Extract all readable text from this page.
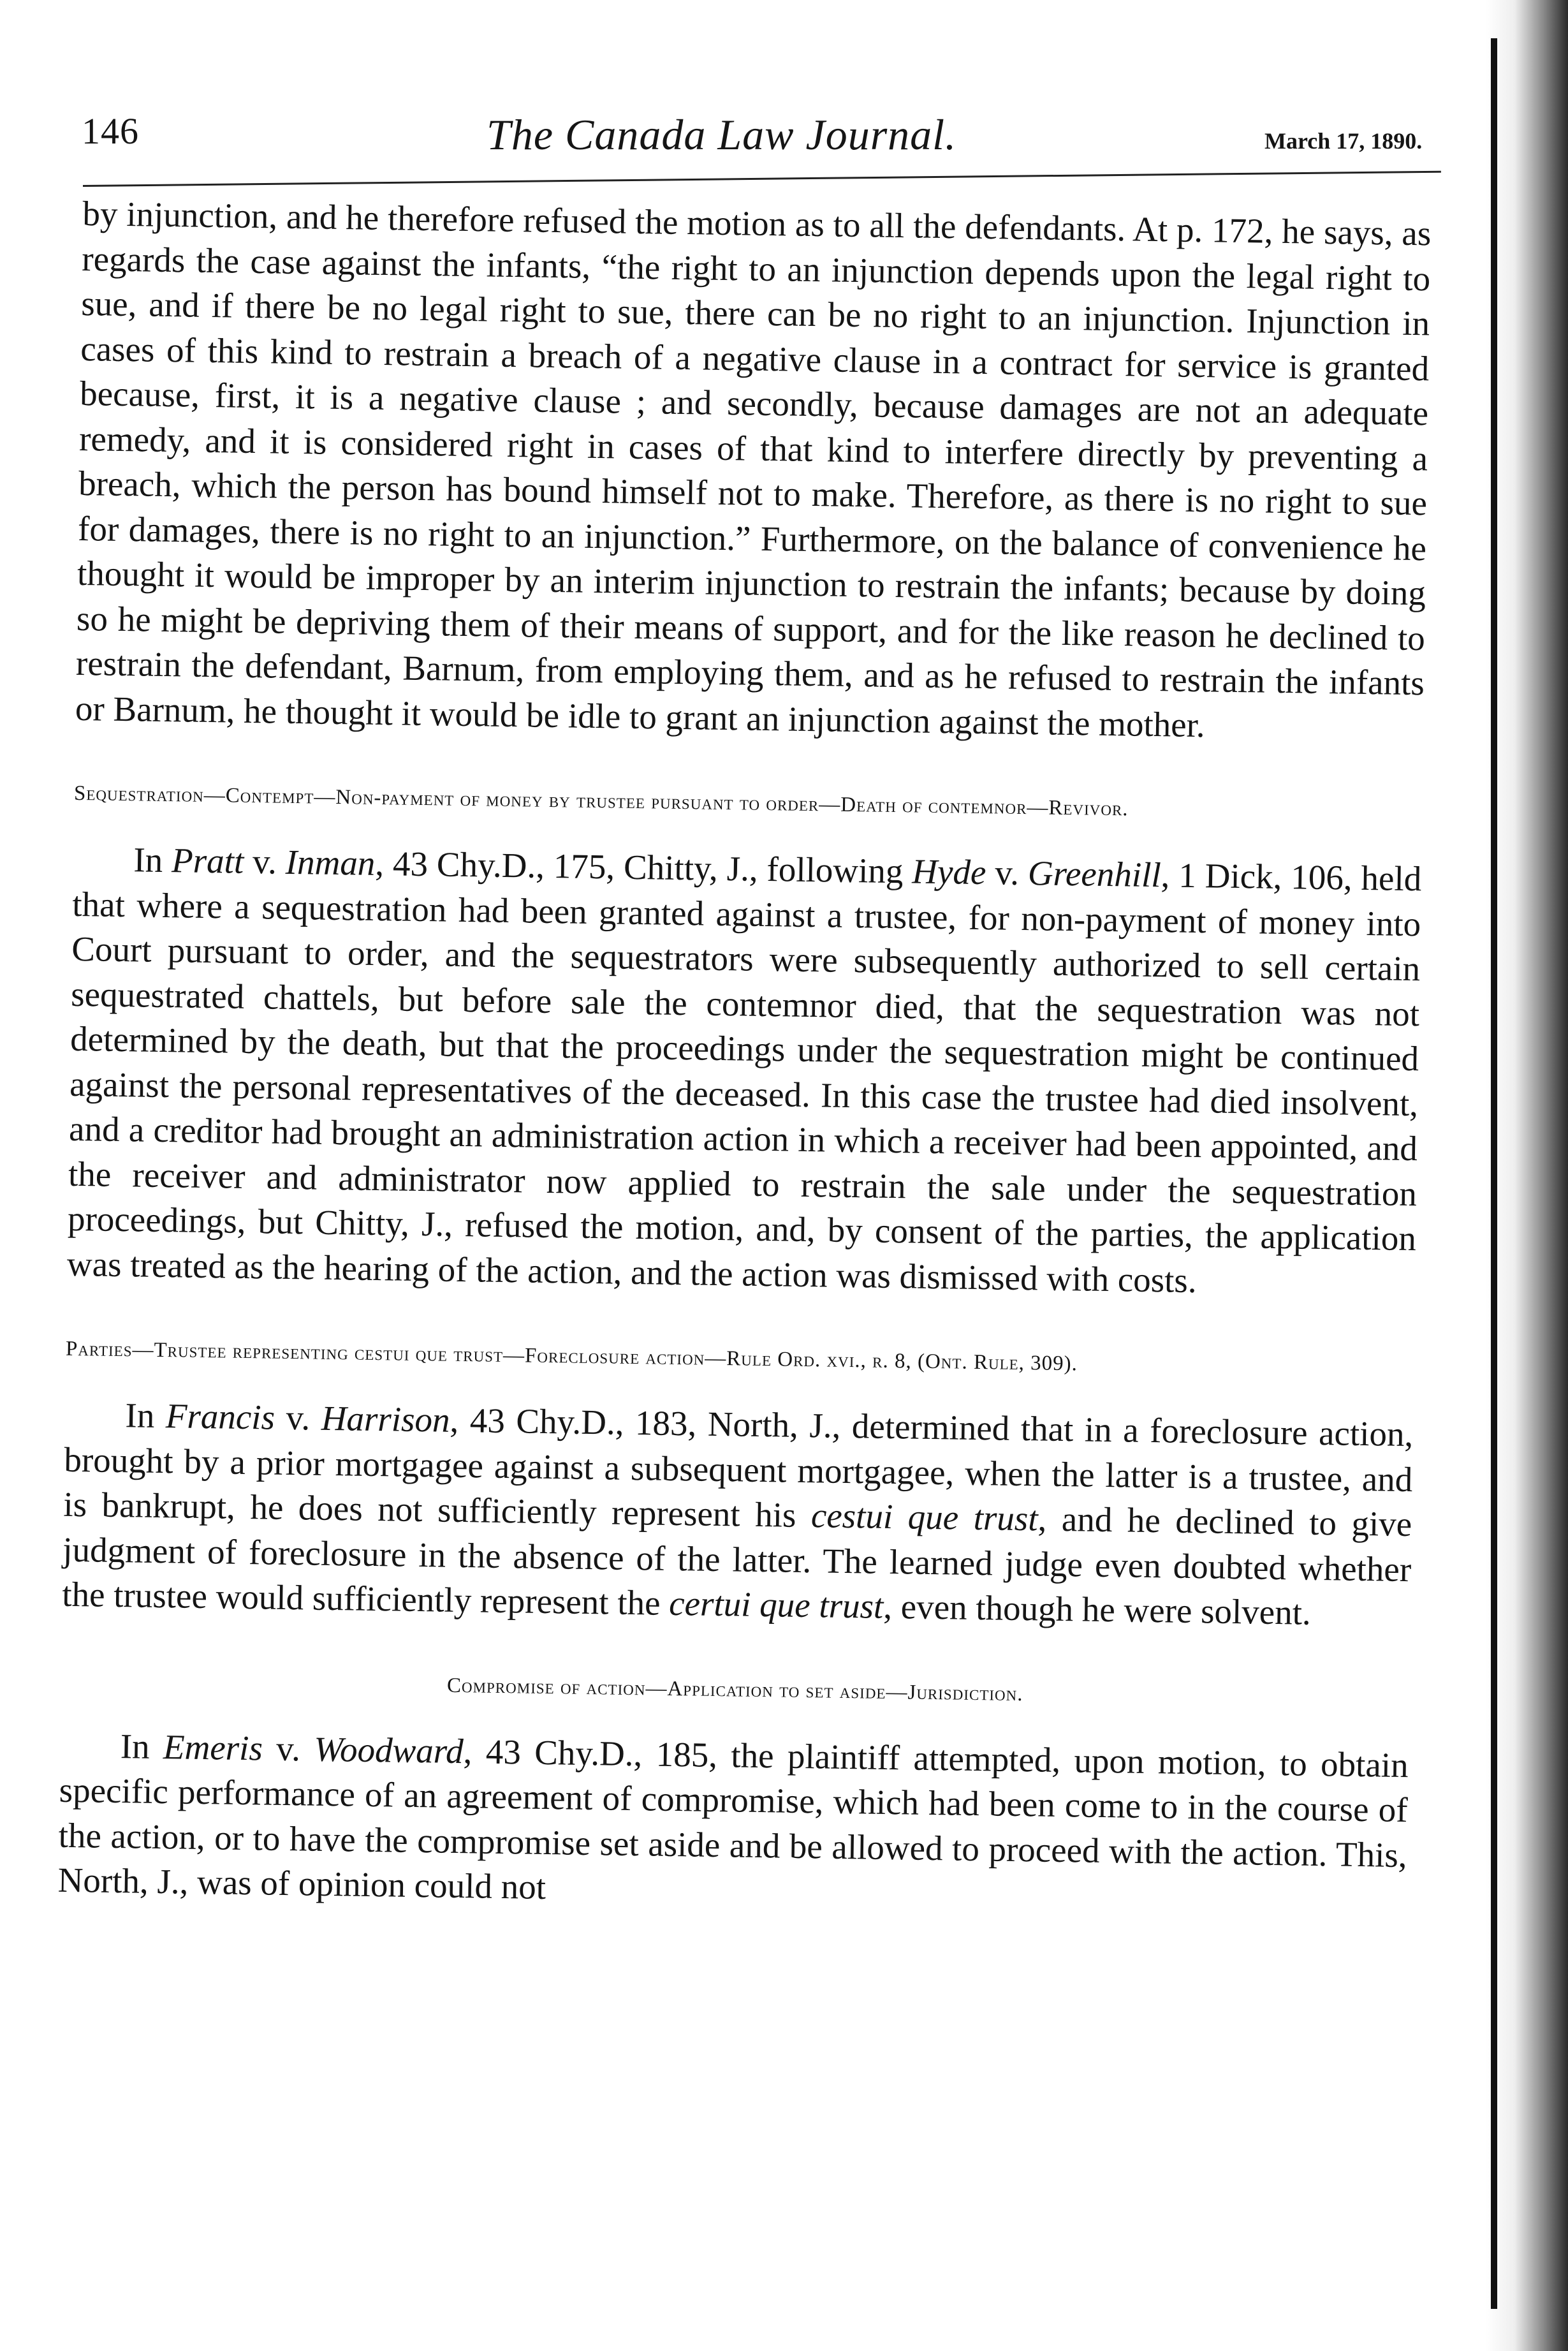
146	The Canada Law Journal.	March 17, 1890.

by injunction, and he therefore refused the motion as to all the defendants. At p. 172, he says, as regards the case against the infants, “the right to an injunction depends upon the legal right to sue, and if there be no legal right to sue, there can be no right to an injunction. Injunction in cases of this kind to restrain a breach of a negative clause in a contract for service is granted because, first, it is a negative clause ; and secondly, because damages are not an adequate remedy, and it is considered right in cases of that kind to interfere directly by preventing a breach, which the person has bound himself not to make. Therefore, as there is no right to sue for damages, there is no right to an injunction.” Furthermore, on the balance of convenience he thought it would be improper by an interim injunction to restrain the infants; because by doing so he might be depriving them of their means of support, and for the like reason he declined to restrain the defendant, Barnum, from employing them, and as he refused to restrain the infants or Barnum, he thought it would be idle to grant an injunction against the mother.

Sequestration—Contempt—Non-payment of money by trustee pursuant to order—Death of contemnor—Revivor.

In Pratt v. Inman, 43 Chy.D., 175, Chitty, J., following Hyde v. Greenhill, 1 Dick, 106, held that where a sequestration had been granted against a trustee, for non-payment of money into Court pursuant to order, and the sequestrators were subsequently authorized to sell certain sequestrated chattels, but before sale the contemnor died, that the sequestration was not determined by the death, but that the proceedings under the sequestration might be continued against the personal representatives of the deceased. In this case the trustee had died insolvent, and a creditor had brought an administration action in which a receiver had been appointed, and the receiver and administrator now applied to restrain the sale under the sequestration proceedings, but Chitty, J., refused the motion, and, by consent of the parties, the application was treated as the hearing of the action, and the action was dismissed with costs.

Parties—Trustee representing cestui que trust—Foreclosure action—Rule Ord. xvi., r. 8, (Ont. Rule, 309).

In Francis v. Harrison, 43 Chy.D., 183, North, J., determined that in a foreclosure action, brought by a prior mortgagee against a subsequent mortgagee, when the latter is a trustee, and is bankrupt, he does not sufficiently represent his cestui que trust, and he declined to give judgment of foreclosure in the absence of the latter. The learned judge even doubted whether the trustee would sufficiently represent the certui que trust, even though he were solvent.

Compromise of action—Application to set aside—Jurisdiction.

In Emeris v. Woodward, 43 Chy.D., 185, the plaintiff attempted, upon motion, to obtain specific performance of an agreement of compromise, which had been come to in the course of the action, or to have the compromise set aside and be allowed to proceed with the action. This, North, J., was of opinion could not
